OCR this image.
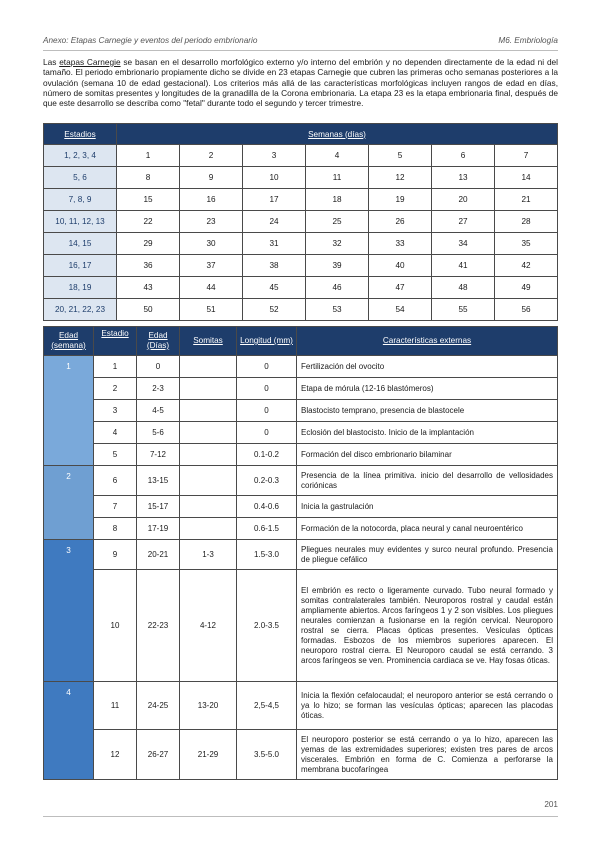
Anexo: Etapas Carnegie y eventos del periodo embrionario	M6. Embriología

Las etapas Carnegie se basan en el desarrollo morfológico externo y/o interno del embrión y no dependen directamente de la edad ni del tamaño. El periodo embrionario propiamente dicho se divide en 23 etapas Carnegie que cubren las primeras ocho semanas posteriores a la ovulación (semana 10 de edad gestacional). Los criterios más allá de las características morfológicas incluyen rangos de edad en días, número de somitas presentes y longitudes de la granadilla de la Corona embrionaria. La etapa 23 es la etapa embrionaria final, después de que este desarrollo se describa como "fetal" durante todo el segundo y tercer trimestre.

Estadios	Semanas (días)						
1, 2, 3, 4	1	2	3	4	5	6	7
5, 6	8	9	10	11	12	13	14
7, 8, 9	15	16	17	18	19	20	21
10, 11, 12, 13	22	23	24	25	26	27	28
14, 15	29	30	31	32	33	34	35
16, 17	36	37	38	39	40	41	42
18, 19	43	44	45	46	47	48	49
20, 21, 22, 23	50	51	52	53	54	55	56
Edad (semana)	Estadio	Edad (Días)	Somitas	Longitud (mm)	Características externas
1	1	0		0	Fertilización del ovocito
	2	2-3		0	Etapa de mórula (12-16 blastómeros)
	3	4-5		0	Blastocisto temprano, presencia de blastocele
	4	5-6		0	Eclosión del blastocisto. Inicio de la implantación
	5	7-12		0.1-0.2	Formación del disco embrionario bilaminar
2	6	13-15		0.2-0.3	Presencia de la línea primitiva. inicio del desarrollo de vellosidades coriónicas
	7	15-17		0.4-0.6	Inicia la gastrulación
	8	17-19		0.6-1.5	Formación de la notocorda, placa neural y canal neuroentérico
3	9	20-21	1-3	1.5-3.0	Pliegues neurales muy evidentes y surco neural profundo. Presencia de pliegue cefálico
	10	22-23	4-12	2.0-3.5	El embrión es recto o ligeramente curvado. Tubo neural formado y somitas contralaterales también. Neuroporos rostral y caudal están ampliamente abiertos. Arcos faríngeos 1 y 2 son visibles. Los pliegues neurales comienzan a fusionarse en la región cervical. Neuroporo rostral se cierra. Placas ópticas presentes. Vesículas ópticas formadas. Esbozos de los miembros superiores aparecen. El neuroporo rostral cierra. El Neuroporo caudal se está cerrando. 3 arcos faríngeos se ven. Prominencia cardiaca se ve. Hay fosas óticas.
4	11	24-25	13-20	2,5-4,5	Inicia la flexión cefalocaudal; el neuroporo anterior se está cerrando o ya lo hizo; se forman las vesículas ópticas; aparecen las placodas óticas.
	12	26-27	21-29	3.5-5.0	El neuroporo posterior se está cerrando o ya lo hizo, aparecen las yemas de las extremidades superiores; existen tres pares de arcos viscerales. Embrión en forma de C. Comienza a perforarse la membrana bucofaríngea
201
